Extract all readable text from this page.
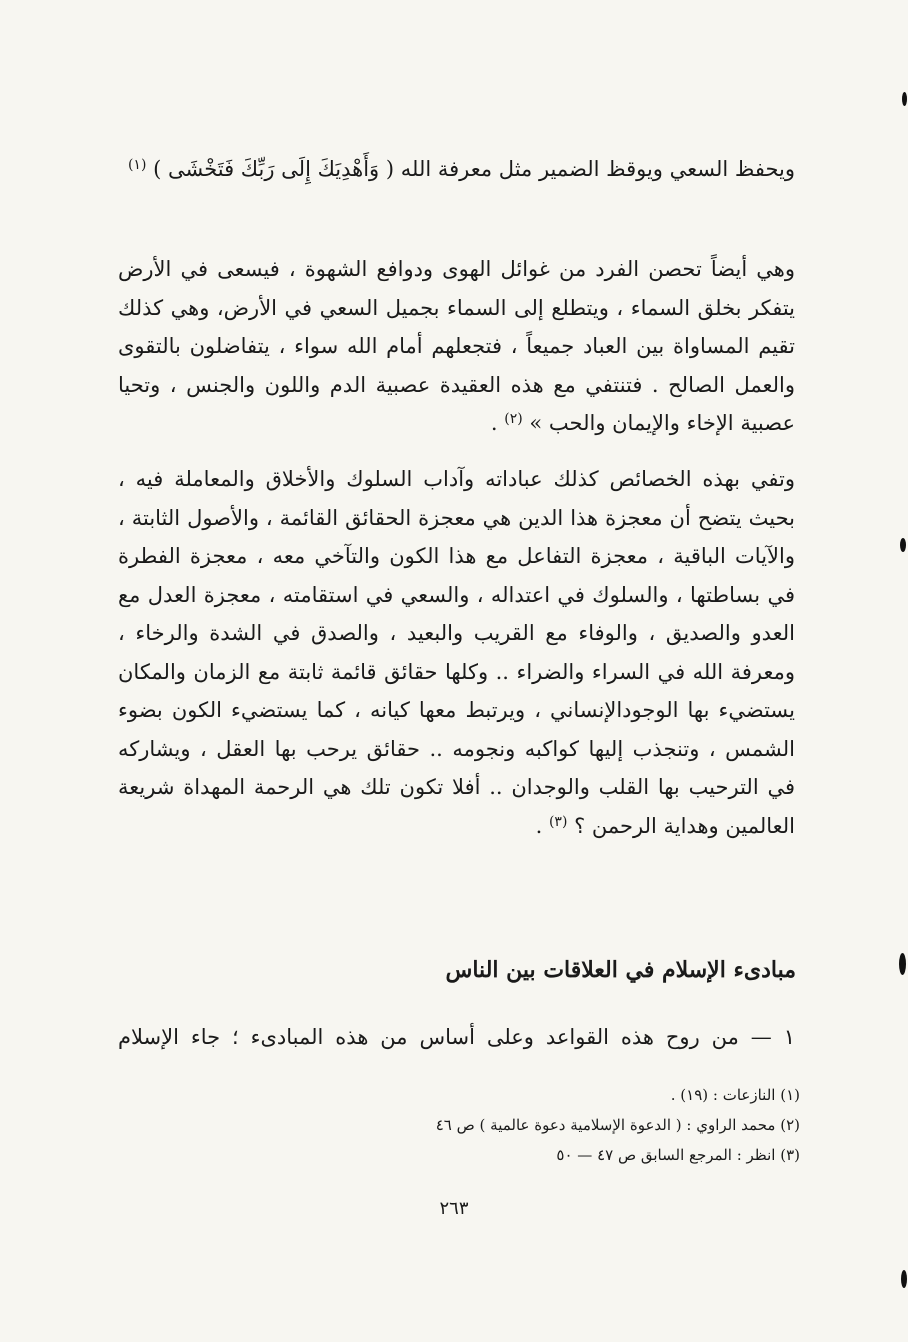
ويحفظ السعي ويوقظ الضمير مثل معرفة الله ( وَأَهْدِيَكَ إِلَى رَبِّكَ فَتَخْشَى ) $^{(١)}$

وهي أيضاً تحصن الفرد من غوائل الهوى ودوافع الشهوة ، فيسعى في الأرض يتفكر بخلق السماء ، ويتطلع إلى السماء بجميل السعي في الأرض، وهي كذلك تقيم المساواة بين العباد جميعاً ، فتجعلهم أمام الله سواء ، يتفاضلون بالتقوى والعمل الصالح . فتنتفي مع هذه العقيدة عصبية الدم واللون والجنس ، وتحيا عصبية الإخاء والإيمان والحب » $^{(٢)}$ .

وتفي بهذه الخصائص كذلك عباداته وآداب السلوك والأخلاق والمعاملة فيه ، بحيث يتضح أن معجزة هذا الدين هي معجزة الحقائق القائمة ، والأصول الثابتة ، والآيات الباقية ، معجزة التفاعل مع هذا الكون والتآخي معه ، معجزة الفطرة في بساطتها ، والسلوك في اعتداله ، والسعي في استقامته ، معجزة العدل مع العدو والصديق ، والوفاء مع القريب والبعيد ، والصدق في الشدة والرخاء ، ومعرفة الله في السراء والضراء .. وكلها حقائق قائمة ثابتة مع الزمان والمكان يستضيء بها الوجودالإنساني ، ويرتبط معها كيانه ، كما يستضيء الكون بضوء الشمس ، وتنجذب إليها كواكبه ونجومه .. حقائق يرحب بها العقل ، ويشاركه في الترحيب بها القلب والوجدان .. أفلا تكون تلك هي الرحمة المهداة شريعة العالمين وهداية الرحمن ؟ $^{(٣)}$ .

مبادىء الإسلام في العلاقات بين الناس
١ — من روح هذه القواعد وعلى أساس من هذه المبادىء ؛ جاء الإسلام
(١) النازعات : (١٩) .
(٢) محمد الراوي : ( الدعوة الإسلامية دعوة عالمية ) ص ٤٦
(٣) انظر : المرجع السابق ص ٤٧ — ٥٠
٢٦٣
